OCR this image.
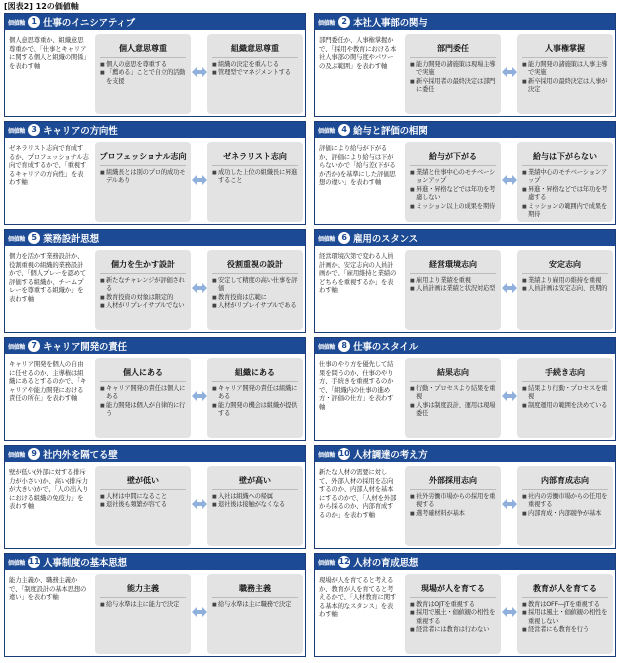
[図表2] 12の価値軸
価値軸 1 仕事のイニシアティブ
個人意思尊重か、組織意思尊重かで、「仕事とキャリアに関する個人と組織の関係」を表わす軸
個人意思尊重
■ 個人の意思を尊重する
■ 「薦める」ことで自立的活動を支援
組織意思尊重
■ 組織の決定を重んじる
■ 管理型でマネジメントする
価値軸 2 本社人事部の関与
部門委任か、人事権掌握かで、「採用や教育における本社人事部の関与度やパワーの及ぶ範囲」を表わす軸
部門委任
■ 能力開発の諸施策は現場主導で実施
■ 新卒採用者の最終決定は部門に委任
人事権掌握
■ 能力開発の諸施策は人事主導で実施
■ 新卒採用の最終決定は人事が決定
価値軸 3 キャリアの方向性
ゼネラリスト志向で育成するか、プロフェッショナル志向で育成するかで、「重視するキャリアの方向性」を表わす軸
プロフェッショナル志向
■ 組織長とは別のプロ的成功モデルあり
ゼネラリスト志向
■ 成功した上位の組織長に昇進すること
価値軸 4 給与と評価の相関
評価により給与が下がるか、評価により給与は下がらないかで「給与差(下がるか否か)を基準にした評価思想の違い」を表わす軸
給与が下がる
■ 業績と仕事中心のモチベーションアップ
■ 昇進・昇格などでは年功を考慮しない
■ ミッション以上の成果を期待
給与は下がらない
■ 業績中心のモチベーションアップ
■ 昇進・昇格などでは年功を考慮する
■ ミッションの範囲内で成果を期待
価値軸 5 業務設計思想
個力を活かす業務設計か、役割重視の組織的業務設計かで、「個人プレーを認めて評価する組織か、チームプレーを尊重する組織か」を表わす軸
個力を生かす設計
■ 新たなチャレンジが評価される
■ 教育投資の対象は限定的
■ 人材がリプレイサブルでない
役割重視の設計
■ 安定して精度の高い仕事を評価
■ 教育投資は広範に
■ 人材がリプレイサブルである
価値軸 6 雇用のスタンス
経営環境次第で変わる人員計画か、安定志向の人員計画かで、「雇用維持と業績のどちらを重視するか」を表わす軸
経営環境志向
■ 雇用より業績を重視
■ 人員計画は業績と状況対応型
安定志向
■ 業績より雇用の維持を重視
■ 人員計画は安定志向、長期的
価値軸 7 キャリア開発の責任
キャリア開発を個人の自由に任せるのか、主導権は組織にあるとするのかで、「キャリアや能力開発における責任の所在」を表わす軸
個人にある
■ キャリア開発の責任は個人にある
■ 能力開発は個人が自律的に行う
組織にある
■ キャリア開発の責任は組織にある
■ 能力開発の機会は組織が提供する
価値軸 8 仕事のスタイル
仕事のやり方を優先して結果を問うのか、仕事のやり方、手続きを重視するのかで、「組織内の仕事の進め方・評価の仕方」を表わす軸
結果志向
■ 行動・プロセスより結果を重視
■ 人事は制度設計、運用は現場委任
手続き志向
■ 結果より行動・プロセスを重視
■ 制度運用の範囲を決めている
価値軸 9 社内外を隔てる壁
壁が低い(外部に対する排斥力が小さい)か、高い(排斥力が大きい)かで、「人の出入りにおける組織の免疫力」を表わす軸
壁が低い
■ 人材は中間になること
■ 退社後も頻繁が容てる
壁が高い
■ 入社は組織への帰属
■ 退社後は接触がなくなる
価値軸 10 人材調達の考え方
新たな人材の需要に対して、外部人材の採用を志向するのか、内部人材を基本にするのかで、「人材を外部から採るのか、内部育成するのか」を表わす軸
外部採用志向
■ 社外労働市場からの採用を重視する
■ 選考確材料が基本
内部育成志向
■ 社内の労働市場からの任用を重視する
■ 内部育成・内部競争が基本
価値軸 11 人事制度の基本思想
能力主義か、職務主義かで、「制度設計の基本思想の違い」を表わす軸
能力主義
■ 給与水準は主に能力で決定
職務主義
■ 給与水準は主に職務で決定
価値軸 12 人材の育成思想
現場が人を育てると考えるか、教育が人を育てると考えるかで、「人材教育に関する基本的なスタンス」を表わす軸
現場が人を育てる
■ 教育はOJTを重視する
■ 採用で風土・価値観の相性を重視する
■ 経営者には教育は行わない
教育が人を育てる
■ 教育はOFF―JTを重視する
■ 採用は風土・価値観の相性を重視しない
■ 経営者にも教育を行う
